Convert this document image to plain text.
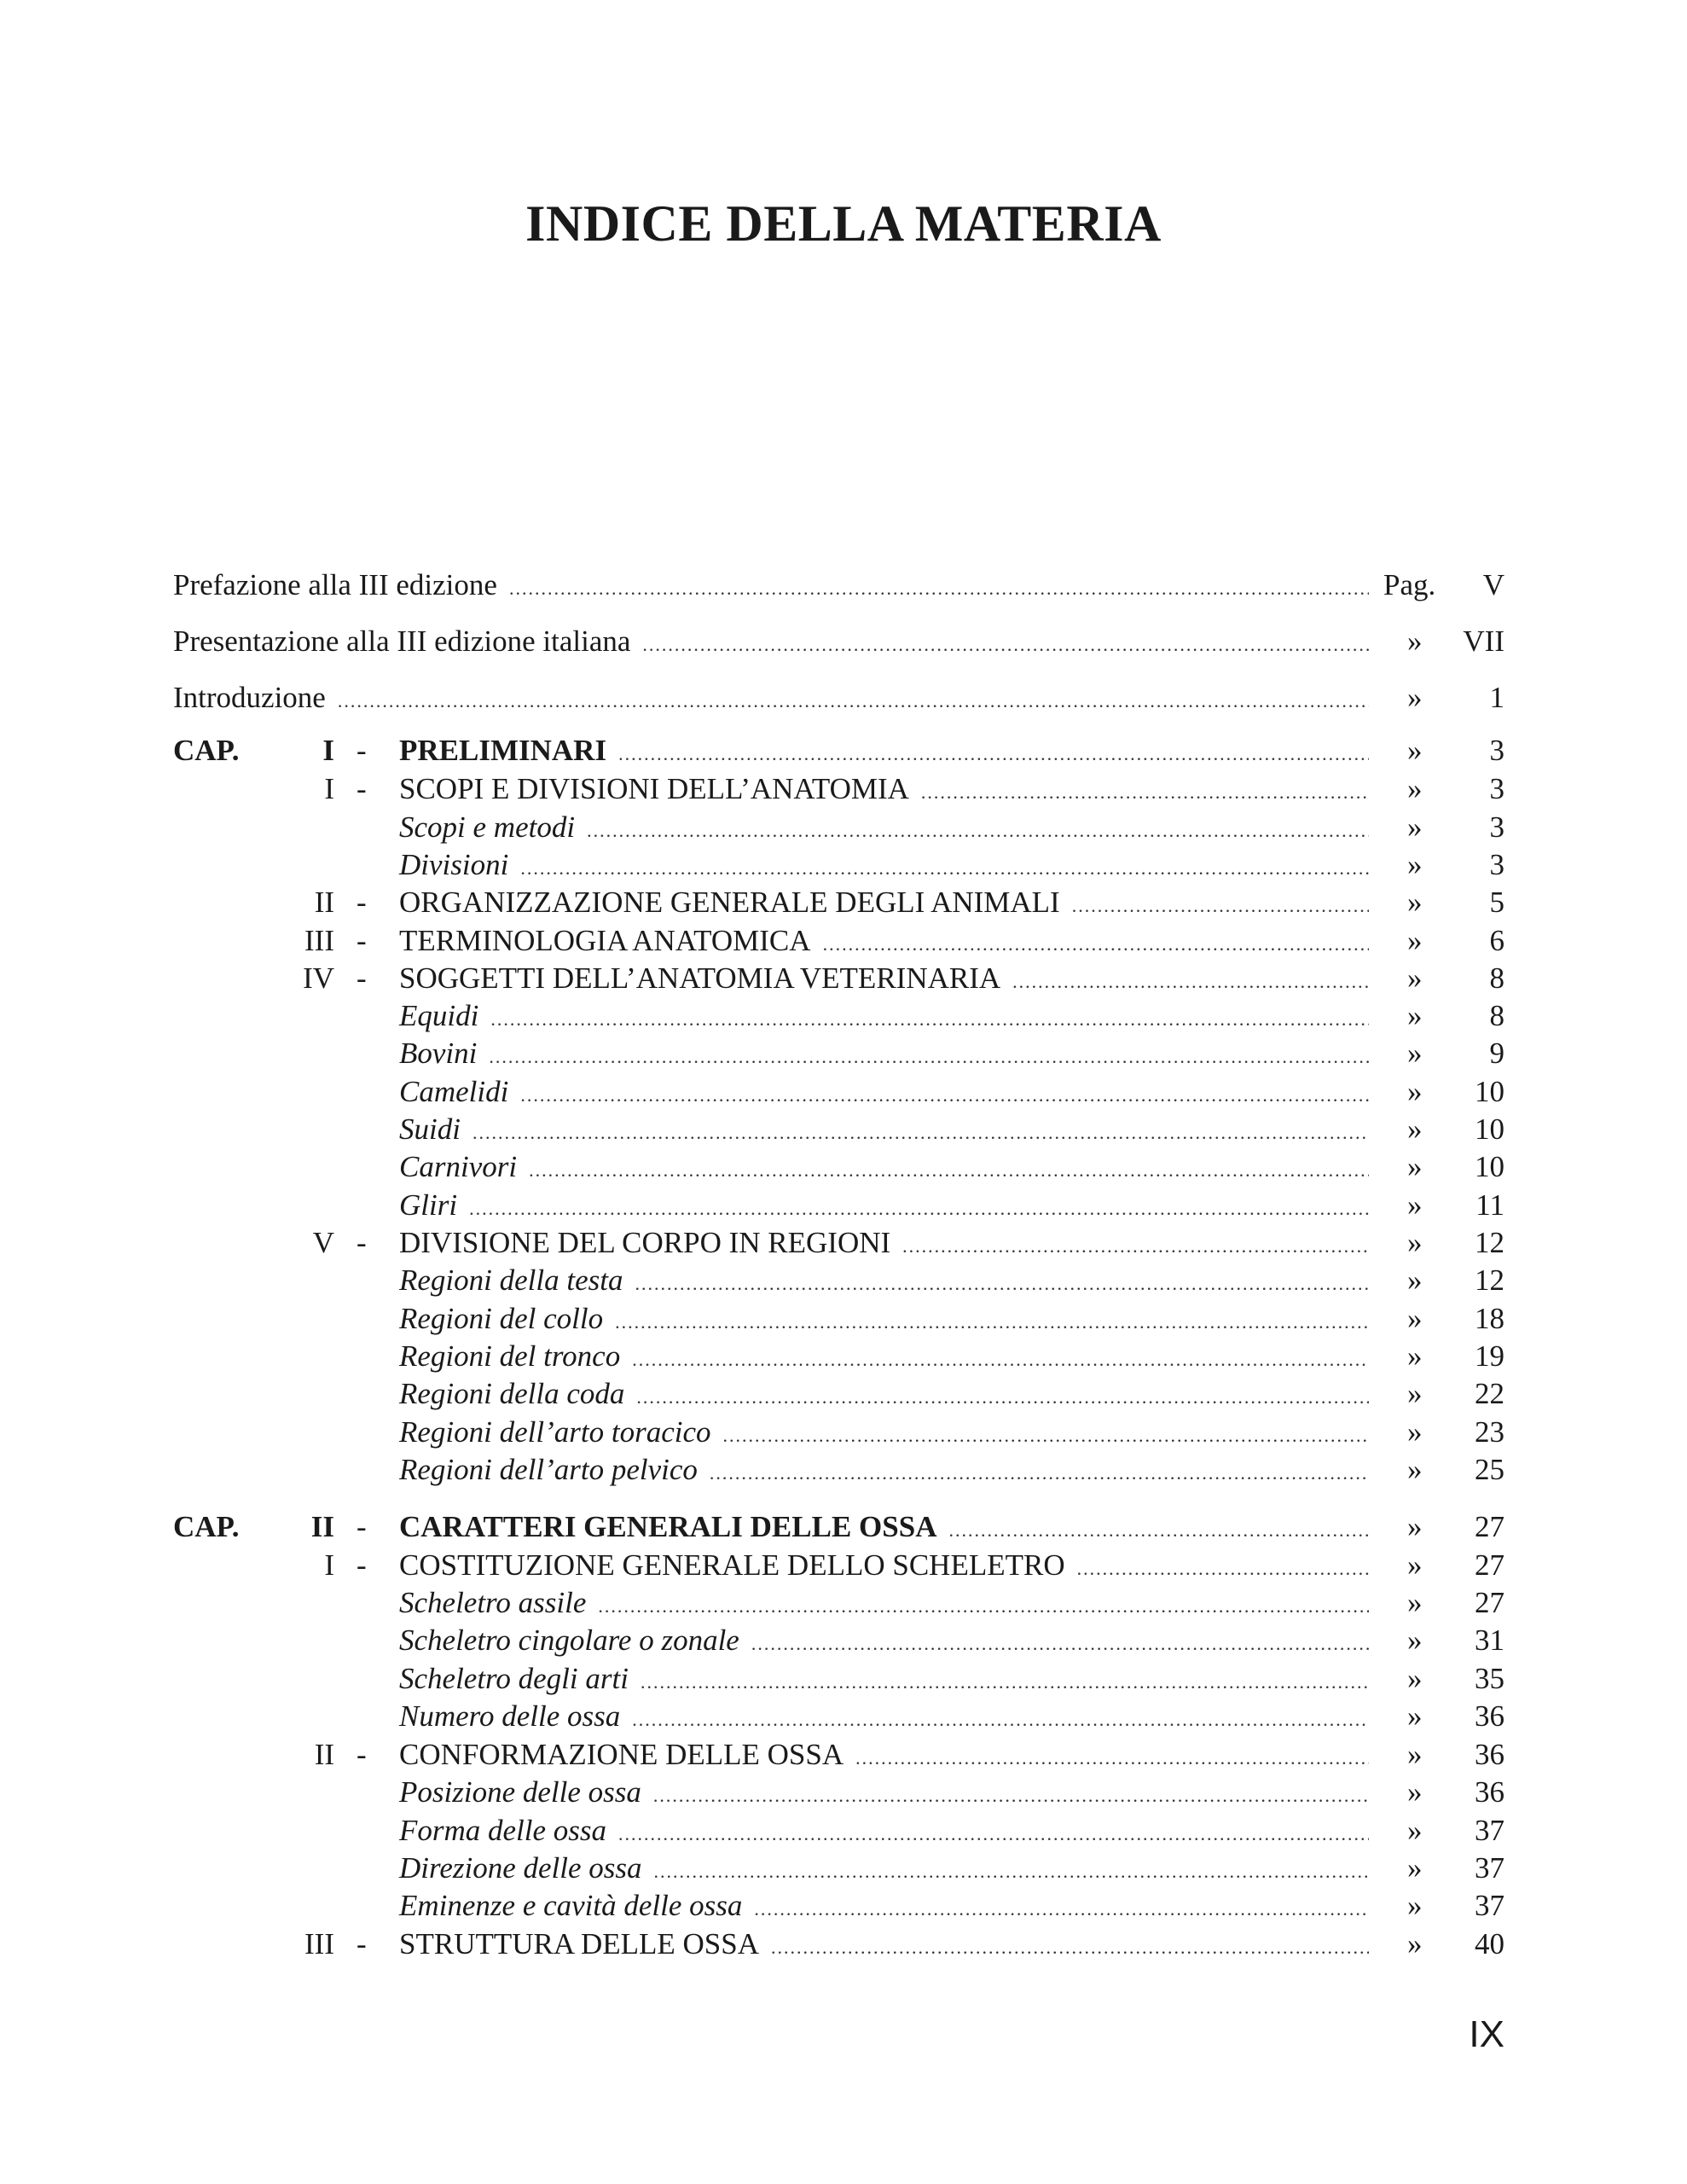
INDICE DELLA MATERIA
Prefazione alla III edizione .....	Pag.	V
Presentazione alla III edizione italiana .....	»	VII
Introduzione .....	»	1
CAP.	I - PRELIMINARI .....	»	3
I - SCOPI E DIVISIONI DELL’ANATOMIA .....	»	3
Scopi e metodi .....	»	3
Divisioni .....	»	3
II - ORGANIZZAZIONE GENERALE DEGLI ANIMALI .....	»	5
III - TERMINOLOGIA ANATOMICA .....	»	6
IV - SOGGETTI DELL’ANATOMIA VETERINARIA .....	»	8
Equidi .....	»	8
Bovini .....	»	9
Camelidi .....	»	10
Suidi .....	»	10
Carnivori .....	»	10
Gliri .....	»	11
V - DIVISIONE DEL CORPO IN REGIONI .....	»	12
Regioni della testa .....	»	12
Regioni del collo .....	»	18
Regioni del tronco .....	»	19
Regioni della coda .....	»	22
Regioni dell’arto toracico .....	»	23
Regioni dell’arto pelvico .....	»	25
CAP.	II - CARATTERI GENERALI DELLE OSSA .....	»	27
I - COSTITUZIONE GENERALE DELLO SCHELETRO .....	»	27
Scheletro assile .....	»	27
Scheletro cingolare o zonale .....	»	31
Scheletro degli arti .....	»	35
Numero delle ossa .....	»	36
II - CONFORMAZIONE DELLE OSSA .....	»	36
Posizione delle ossa .....	»	36
Forma delle ossa .....	»	37
Direzione delle ossa .....	»	37
Eminenze e cavità delle ossa .....	»	37
III - STRUTTURA DELLE OSSA .....	»	40
IX
